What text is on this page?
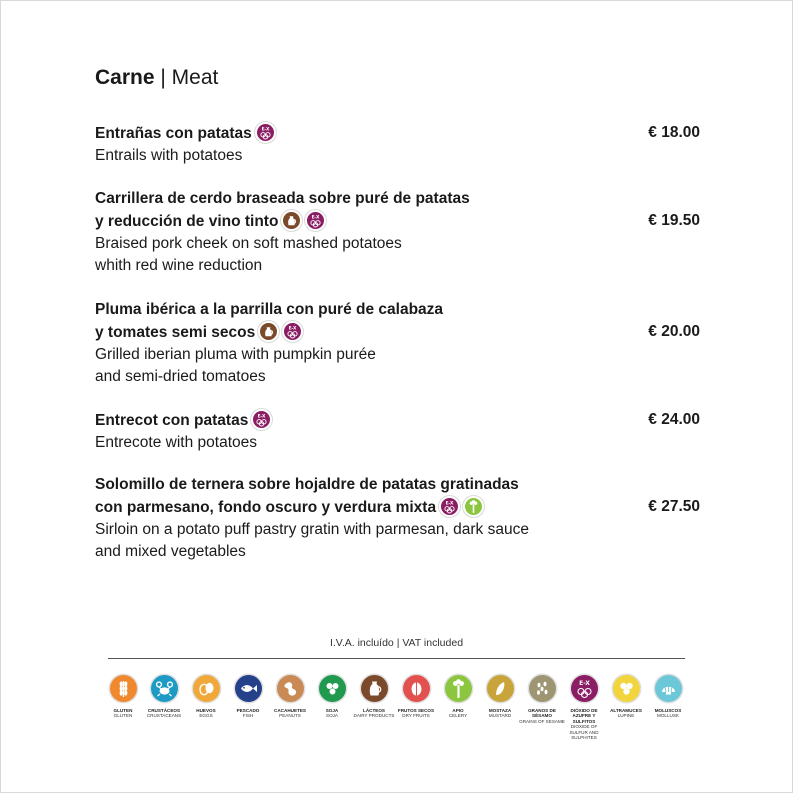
Carne | Meat
Entrañas con patatas E-X	€ 18.00
Entrails with potatoes
Carrillera de cerdo braseada sobre puré de patatas
y reducción de vino tinto	E-X	€ 19.50
Braised pork cheek on soft mashed potatoes
whith red wine reduction
Pluma ibérica a la parrilla con puré de calabaza
y tomates semi secos	E-X	€ 20.00
Grilled iberian pluma with pumpkin purée
and semi-dried tomatoes
Entrecot con patatas E-X	€ 24.00
Entrecote with potatoes
Solomillo de ternera sobre hojaldre de patatas gratinadas
con parmesano, fondo oscuro y verdura mixta E-X	€ 27.50
Sirloin on a potato puff pastry gratin with parmesan, dark sauce
and mixed vegetables
I.V.A. incluído | VAT included
GLUTEN
GLUTEN
CRUSTÁCEOS
CRUSTACEANS
HUEVOS
EGGS
PESCADO
FISH
CACAHUETES
PEANUTS
SOJA
SOJA
LÁCTEOS
DAIRY PRODUCTS
FRUTOS SECOS
DRY FRUITS
APIO
CELERY
MOSTAZA
MUSTARD
GRANOS DE SÉSAMO
GRAINS OF SESAME
E-X
DIÓXIDO DE AZUFRE Y SULFITOS
DIOXIDE OF SULFUR AND SULPHITES
ALTRAMUCES
LUPINE
MOLUSCOS
MOLLUSK
